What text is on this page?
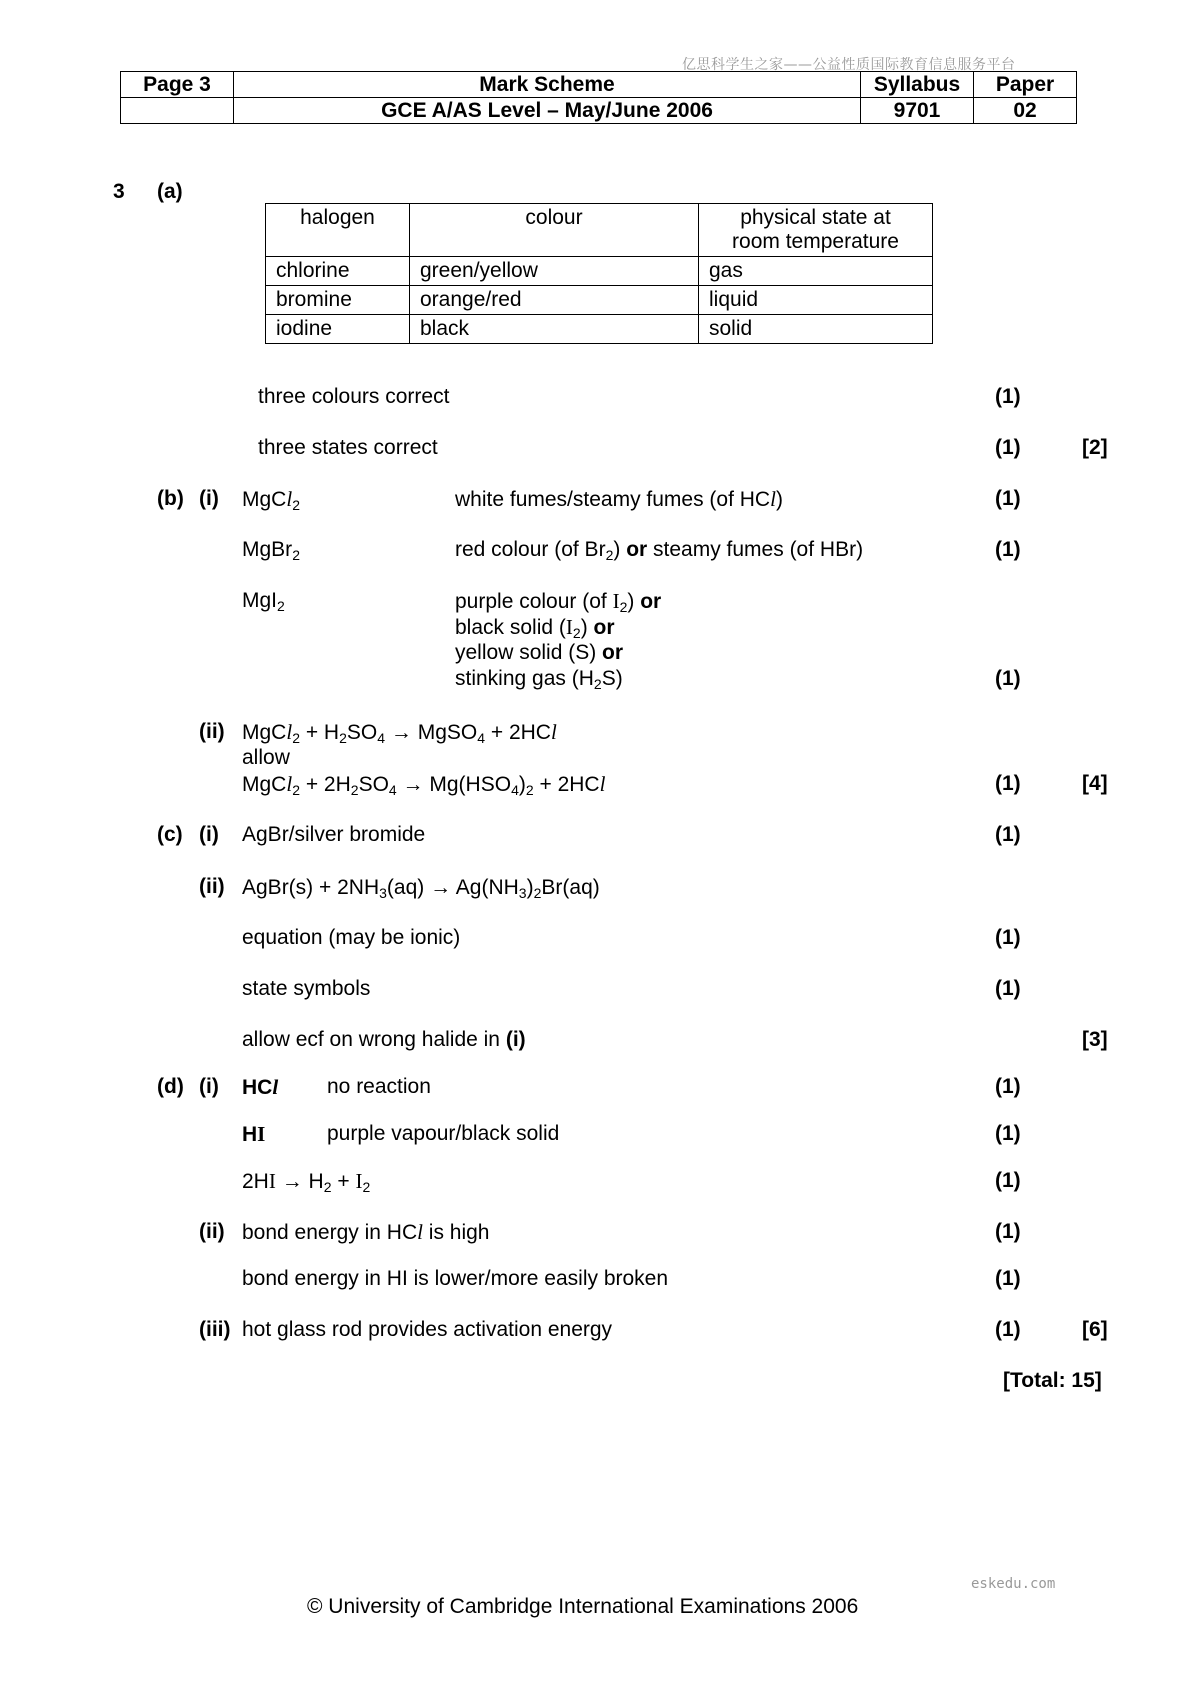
亿思科学生之家——公益性质国际教育信息服务平台
Page 3	Mark Scheme	Syllabus	Paper
	GCE A/AS Level – May/June 2006	9701	02
3 (a)
halogen	colour	physical state at room temperature
chlorine	green/yellow	gas
bromine	orange/red	liquid
iodine	black	solid
three colours correct	(1)
three states correct	(1)	[2]
(b) (i) MgCl$_2$	white fumes/steamy fumes (of HCl)	(1)
MgBr$_2$	red colour (of $Br_2$) or steamy fumes (of HBr)	(1)
MgI$_2$	purple colour (of $I_2$) or
black solid $(I_2)$ or
yellow solid (S) or
stinking gas $(H_2S)$	(1)
(ii) MgCl$_2$ + $H_2SO_4$ → MgSO$_4$ + 2HCl
allow
MgCl$_2$ + $2H_2SO_4 \to Mg(HSO_4)_2 + 2HCl$	(1)	[4]
(c) (i) AgBr/silver bromide	(1)
(ii) AgBr(s) + $2NH_3(aq) \to Ag(NH_3)_2Br(aq)$
equation (may be ionic)	(1)
state symbols	(1)
allow ecf on wrong halide in (i)	[3]
(d) (i) HCl no reaction	(1)
HI	purple vapour/black solid	(1)
$2HI \to H_2 + I_2$	(1)
(ii) bond energy in HCl is high	(1)
bond energy in HI is lower/more easily broken	(1)
(iii) hot glass rod provides activation energy	(1)	[6]
[Total: 15]
eskedu.com
© University of Cambridge International Examinations 2006
